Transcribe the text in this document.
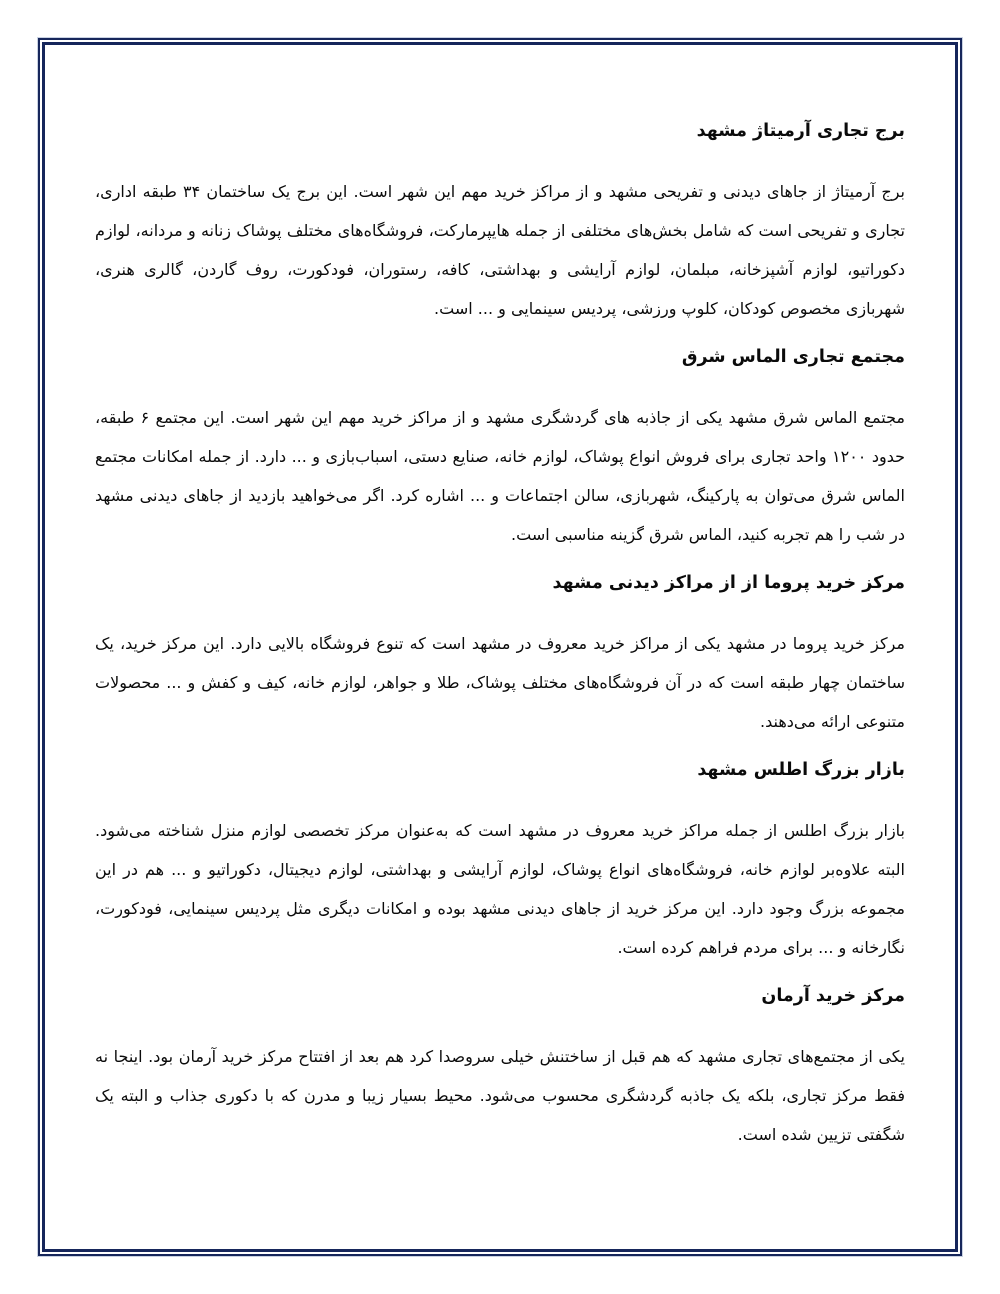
برج تجاری آرمیتاژ مشهد

برج آرمیتاژ از جاهای دیدنی و تفریحی مشهد و از مراکز خرید مهم این شهر است. این برج یک ساختمان ۳۴ طبقه اداری، تجاری و تفریحی است که شامل بخش‌های مختلفی از جمله هایپرمارکت، فروشگاه‌های مختلف پوشاک زنانه و مردانه، لوازم دکوراتیو، لوازم آشپزخانه، مبلمان، لوازم آرایشی و بهداشتی، کافه، رستوران، فودکورت، روف گاردن، گالری هنری، شهربازی مخصوص کودکان، کلوپ ورزشی، پردیس سینمایی و ... است.

مجتمع تجاری الماس شرق

مجتمع الماس شرق مشهد یکی از جاذبه های گردشگری مشهد و از مراکز خرید مهم این شهر است. این مجتمع ۶ طبقه، حدود ۱۲۰۰ واحد تجاری برای فروش انواع پوشاک، لوازم خانه، صنایع دستی، اسباب‌بازی و ... دارد. از جمله امکانات مجتمع الماس شرق می‌توان به پارکینگ، شهربازی، سالن اجتماعات و ... اشاره کرد. اگر می‌خواهید بازدید از جاهای دیدنی مشهد در شب را هم تجربه کنید، الماس شرق گزینه مناسبی است.

مرکز خرید پروما از از مراکز دیدنی مشهد

مرکز خرید پروما در مشهد یکی از مراکز خرید معروف در مشهد است که تنوع فروشگاه بالایی دارد. این مرکز خرید، یک ساختمان چهار طبقه است که در آن فروشگاه‌های مختلف پوشاک، طلا و جواهر، لوازم خانه، کیف و کفش و ... محصولات متنوعی ارائه می‌دهند.

بازار بزرگ اطلس مشهد

بازار بزرگ اطلس از جمله مراکز خرید معروف در مشهد است که به‌عنوان مرکز تخصصی لوازم منزل شناخته می‌شود. البته علاوه‌بر لوازم خانه، فروشگاه‌های انواع پوشاک، لوازم آرایشی و بهداشتی، لوازم دیجیتال، دکوراتیو و ... هم در این مجموعه بزرگ وجود دارد. این مرکز خرید از جاهای دیدنی مشهد بوده و امکانات دیگری مثل پردیس سینمایی، فودکورت، نگارخانه و ... برای مردم فراهم کرده است.

مرکز خرید آرمان

یکی از مجتمع‌های تجاری مشهد که هم قبل از ساختنش خیلی سروصدا کرد هم بعد از افتتاح مرکز خرید آرمان بود. اینجا نه فقط مرکز تجاری، بلکه یک جاذبه گردشگری محسوب می‌شود. محیط بسیار زیبا و مدرن که با دکوری جذاب و البته یک شگفتی تزیین شده است.
